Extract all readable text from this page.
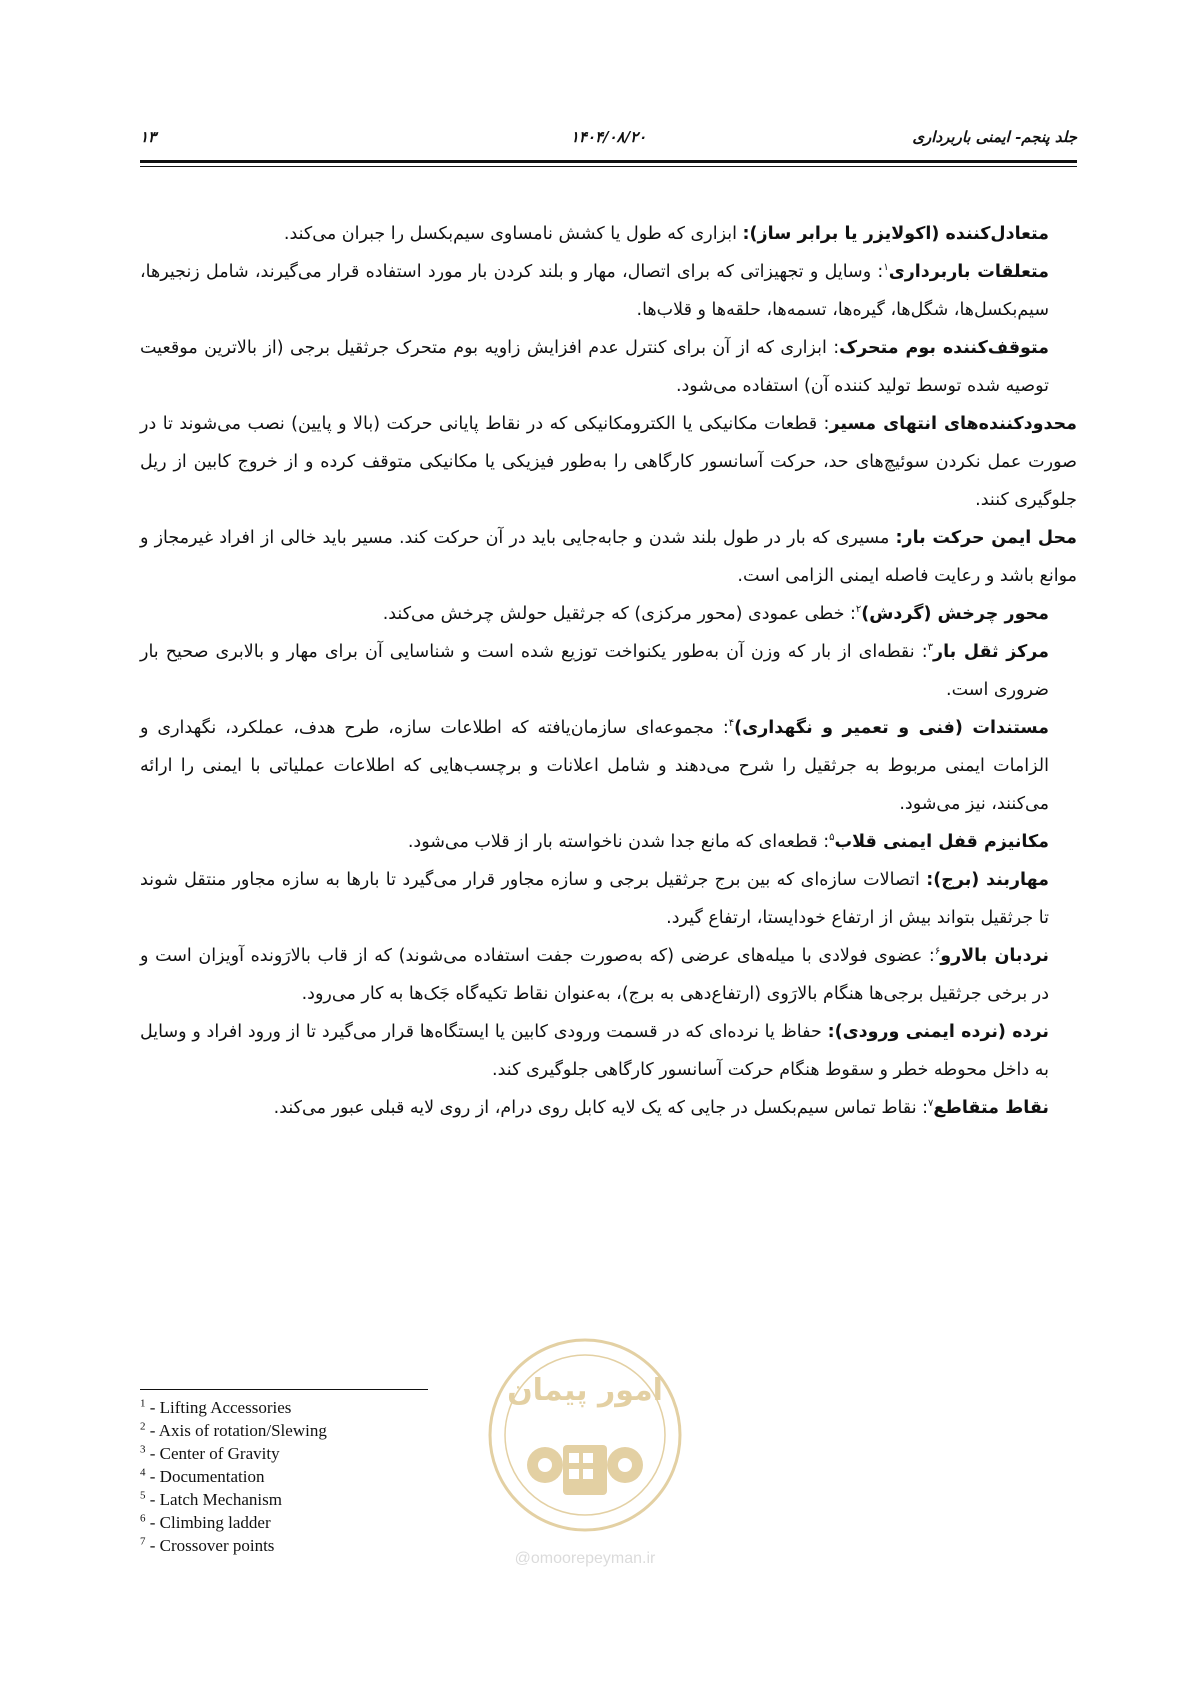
جلد پنجم- ایمنی باربرداری
۱۴۰۴/۰۸/۲۰
۱۳

متعادل‌کننده (اکولایزر یا برابر ساز): ابزاری که طول یا کشش نامساوی سیم‌بکسل را جبران می‌کند.

متعلقات باربرداری$^۱$: وسایل و تجهیزاتی که برای اتصال، مهار و بلند کردن بار مورد استفاده قرار می‌گیرند، شامل زنجیرها، سیم‌بکسل‌ها، شگل‌ها، گیره‌ها، تسمه‌ها، حلقه‌ها و قلاب‌ها.

متوقف‌کننده بوم متحرک: ابزاری که از آن برای کنترل عدم افزایش زاویه بوم متحرک جرثقیل برجی (از بالاترین موقعیت توصیه شده توسط تولید کننده آن) استفاده می‌شود.

محدودکننده‌های انتهای مسیر: قطعات مکانیکی یا الکترومکانیکی که در نقاط پایانی حرکت (بالا و پایین) نصب می‌شوند تا در صورت عمل نکردن سوئیچ‌های حد، حرکت آسانسور کارگاهی را به‌طور فیزیکی یا مکانیکی متوقف کرده و از خروج کابین از ریل جلوگیری کنند.

محل ایمن حرکت بار: مسیری که بار در طول بلند شدن و جابه‌جایی باید در آن حرکت کند. مسیر باید خالی از افراد غیرمجاز و موانع باشد و رعایت فاصله ایمنی الزامی است.

محور چرخش (گردش)$^۲$: خطی عمودی (محور مرکزی) که جرثقیل حولش چرخش می‌کند.

مرکز ثقل بار$^۳$: نقطه‌ای از بار که وزن آن به‌طور یکنواخت توزیع شده است و شناسایی آن برای مهار و بالابری صحیح بار ضروری است.

مستندات (فنی و تعمیر و نگهداری)$^۴$: مجموعه‌ای سازمان‌یافته که اطلاعات سازه، طرح هدف، عملکرد، نگهداری و الزامات ایمنی مربوط به جرثقیل را شرح می‌دهند و شامل اعلانات و برچسب‌هایی که اطلاعات عملیاتی با ایمنی را ارائه می‌کنند، نیز می‌شود.

مکانیزم قفل ایمنی قلاب$^۵$: قطعه‌ای که مانع جدا شدن ناخواسته بار از قلاب می‌شود.

مهاربند (برج): اتصالات سازه‌ای که بین برج جرثقیل برجی و سازه مجاور قرار می‌گیرد تا بارها به سازه مجاور منتقل شوند تا جرثقیل بتواند بیش از ارتفاع خودایستا، ارتفاع گیرد.

نردبان بالارو$^۶$: عضوی فولادی با میله‌های عرضی (که به‌صورت جفت استفاده می‌شوند) که از قاب بالارَونده آویزان است و در برخی جرثقیل برجی‌ها هنگام بالارَوی (ارتفاع‌دهی به برج)، به‌عنوان نقاط تکیه‌گاه جَک‌ها به کار می‌رود.

نرده (نرده ایمنی ورودی): حفاظ یا نرده‌ای که در قسمت ورودی کابین یا ایستگاه‌ها قرار می‌گیرد تا از ورود افراد و وسایل به داخل محوطه خطر و سقوط هنگام حرکت آسانسور کارگاهی جلوگیری کند.

نقاط متقاطع$^۷$: نقاط تماس سیم‌بکسل در جایی که یک لایه کابل روی درام، از روی لایه قبلی عبور می‌کند.

امور پیمان
@omoorepeyman.ir
$^1$ - Lifting Accessories
$^2$ - Axis of rotation/Slewing
$^3$ - Center of Gravity
$^4$ - Documentation
$^5$ - Latch Mechanism
$^6$ - Climbing ladder
$^7$ - Crossover points
